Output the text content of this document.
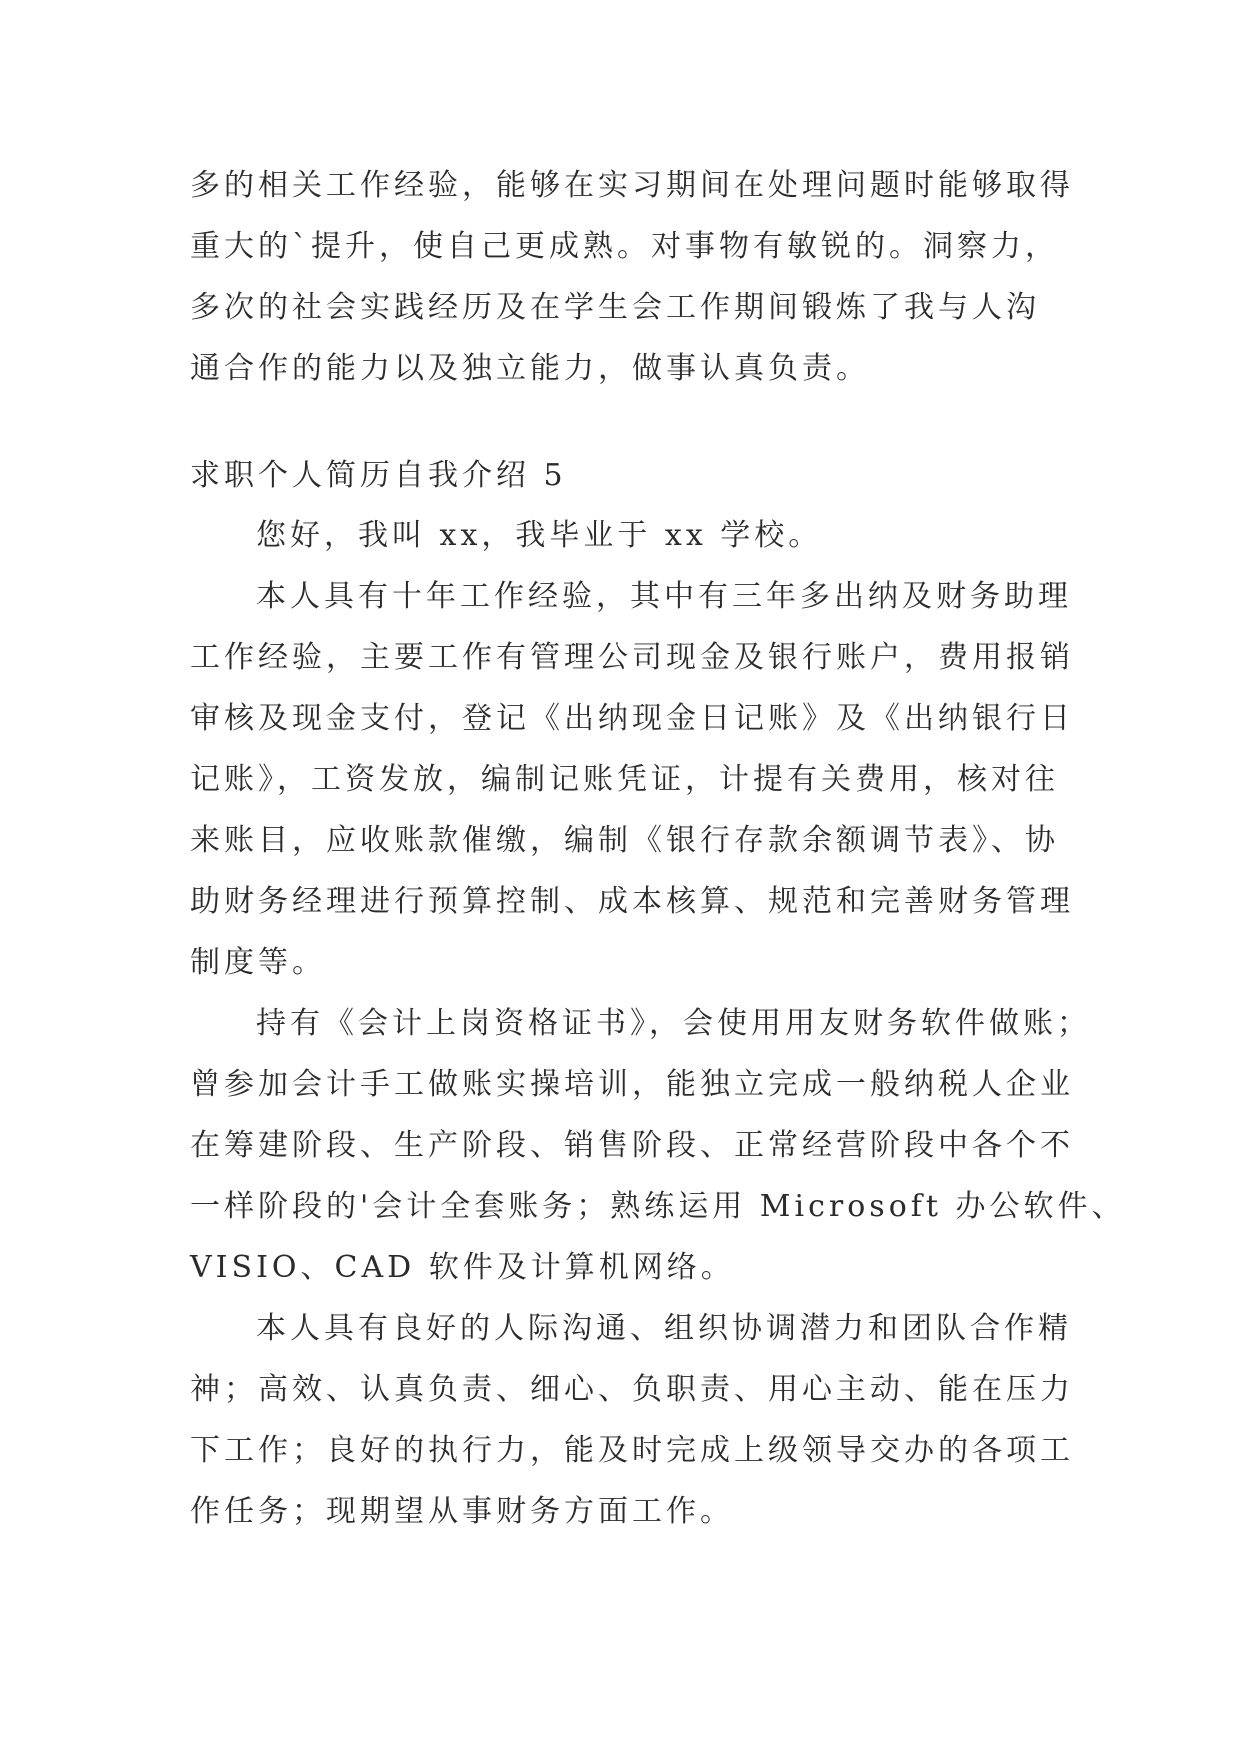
多的相关工作经验，能够在实习期间在处理问题时能够取得
重大的`提升，使自己更成熟。对事物有敏锐的。洞察力，
多次的社会实践经历及在学生会工作期间锻炼了我与人沟
通合作的能力以及独立能力，做事认真负责。
求职个人简历自我介绍 5
您好，我叫 xx，我毕业于 xx 学校。
本人具有十年工作经验，其中有三年多出纳及财务助理
工作经验，主要工作有管理公司现金及银行账户，费用报销
审核及现金支付，登记《出纳现金日记账》及《出纳银行日
记账》，工资发放，编制记账凭证，计提有关费用，核对往
来账目，应收账款催缴，编制《银行存款余额调节表》、协
助财务经理进行预算控制、成本核算、规范和完善财务管理
制度等。
持有《会计上岗资格证书》，会使用用友财务软件做账；
曾参加会计手工做账实操培训，能独立完成一般纳税人企业
在筹建阶段、生产阶段、销售阶段、正常经营阶段中各个不
一样阶段的'会计全套账务；熟练运用 Microsoft 办公软件、
VISIO、CAD 软件及计算机网络。
本人具有良好的人际沟通、组织协调潜力和团队合作精
神；高效、认真负责、细心、负职责、用心主动、能在压力
下工作；良好的执行力，能及时完成上级领导交办的各项工
作任务；现期望从事财务方面工作。
